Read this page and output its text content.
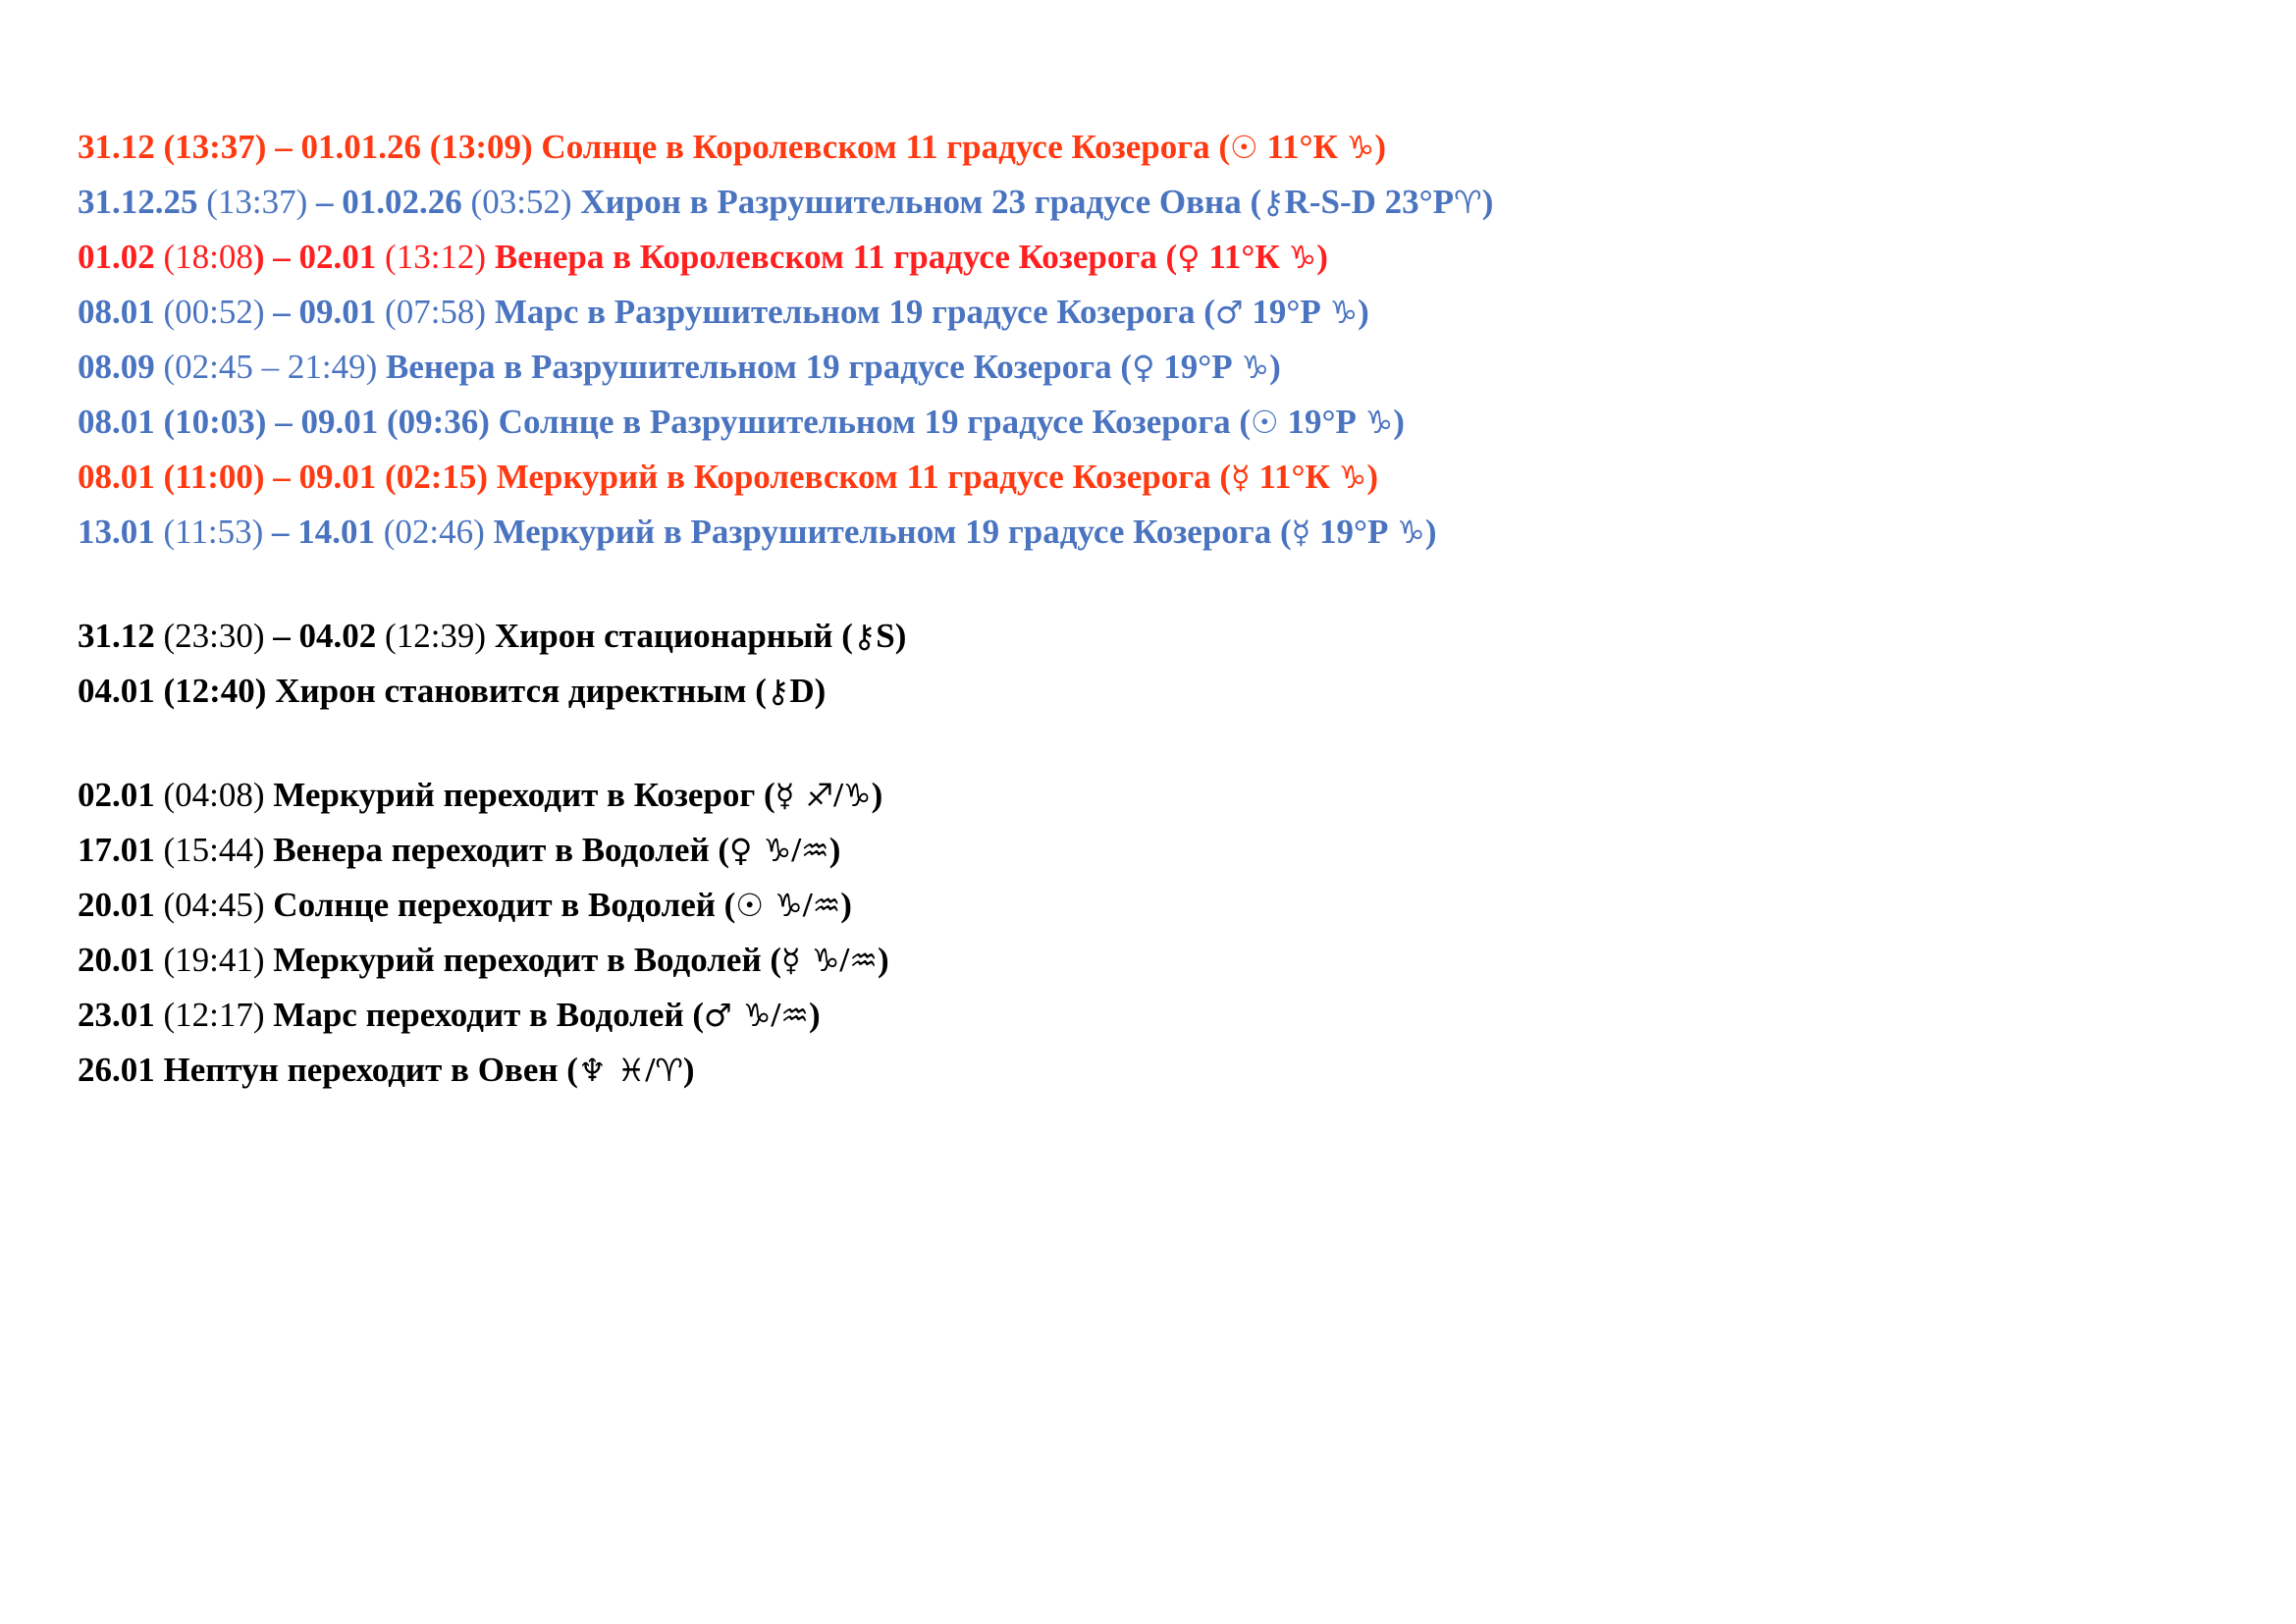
31.12 (13:37) – 01.01.26 (13:09) Солнце в Королевском 11 градусе Козерога (☉ 11°К ♑)
31.12.25 (13:37) – 01.02.26 (03:52) Хирон в Разрушительном 23 градусе Овна (⚷R-S-D 23°Р♈)
01.02 (18:08) – 02.01 (13:12) Венера в Королевском 11 градусе Козерога (♀ 11°К ♑)
08.01 (00:52) – 09.01 (07:58) Марс в Разрушительном 19 градусе Козерога (♂ 19°Р ♑)
08.09 (02:45 – 21:49) Венера в Разрушительном 19 градусе Козерога (♀ 19°Р ♑)
08.01 (10:03) – 09.01 (09:36) Солнце в Разрушительном 19 градусе Козерога (☉ 19°Р ♑)
08.01 (11:00) – 09.01 (02:15) Меркурий в Королевском 11 градусе Козерога (☿ 11°К ♑)
13.01 (11:53) – 14.01 (02:46) Меркурий в Разрушительном 19 градусе Козерога (☿ 19°Р ♑)
31.12 (23:30) – 04.02 (12:39) Хирон стационарный (⚷S)
04.01 (12:40) Хирон становится директным (⚷D)
02.01 (04:08) Меркурий переходит в Козерог (☿ ♐/♑)
17.01 (15:44) Венера переходит в Водолей (♀ ♑/♒)
20.01 (04:45) Солнце переходит в Водолей (☉ ♑/♒)
20.01 (19:41) Меркурий переходит в Водолей (☿ ♑/♒)
23.01 (12:17) Марс переходит в Водолей (♂ ♑/♒)
26.01 Нептун переходит в Овен (♆ ♓/♈)
